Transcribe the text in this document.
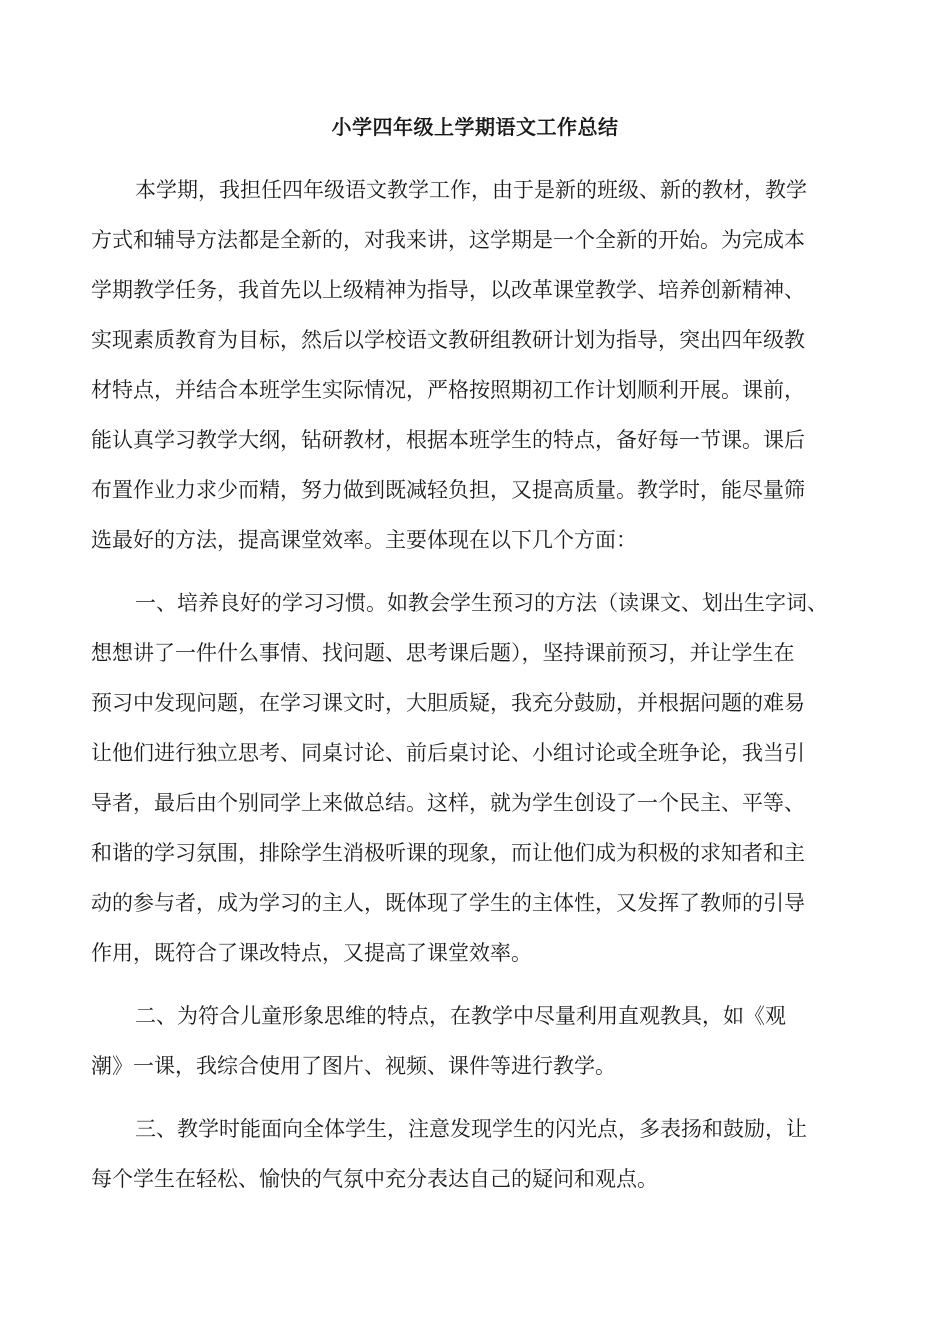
小学四年级上学期语文工作总结

本学期，我担任四年级语文教学工作，由于是新的班级、新的教材，教学
方式和辅导方法都是全新的，对我来讲，这学期是一个全新的开始。为完成本
学期教学任务，我首先以上级精神为指导，以改革课堂教学、培养创新精神、
实现素质教育为目标，然后以学校语文教研组教研计划为指导，突出四年级教
材特点，并结合本班学生实际情况，严格按照期初工作计划顺利开展。课前，
能认真学习教学大纲，钻研教材，根据本班学生的特点，备好每一节课。课后
布置作业力求少而精，努力做到既减轻负担，又提高质量。教学时，能尽量筛
选最好的方法，提高课堂效率。主要体现在以下几个方面：

一、培养良好的学习习惯。如教会学生预习的方法（读课文、划出生字词、
想想讲了一件什么事情、找问题、思考课后题），坚持课前预习，并让学生在
预习中发现问题，在学习课文时，大胆质疑，我充分鼓励，并根据问题的难易
让他们进行独立思考、同桌讨论、前后桌讨论、小组讨论或全班争论，我当引
导者，最后由个别同学上来做总结。这样，就为学生创设了一个民主、平等、
和谐的学习氛围，排除学生消极听课的现象，而让他们成为积极的求知者和主
动的参与者，成为学习的主人，既体现了学生的主体性，又发挥了教师的引导
作用，既符合了课改特点，又提高了课堂效率。

二、为符合儿童形象思维的特点，在教学中尽量利用直观教具，如《观
潮》一课，我综合使用了图片、视频、课件等进行教学。

三、教学时能面向全体学生，注意发现学生的闪光点，多表扬和鼓励，让
每个学生在轻松、愉快的气氛中充分表达自己的疑问和观点。
